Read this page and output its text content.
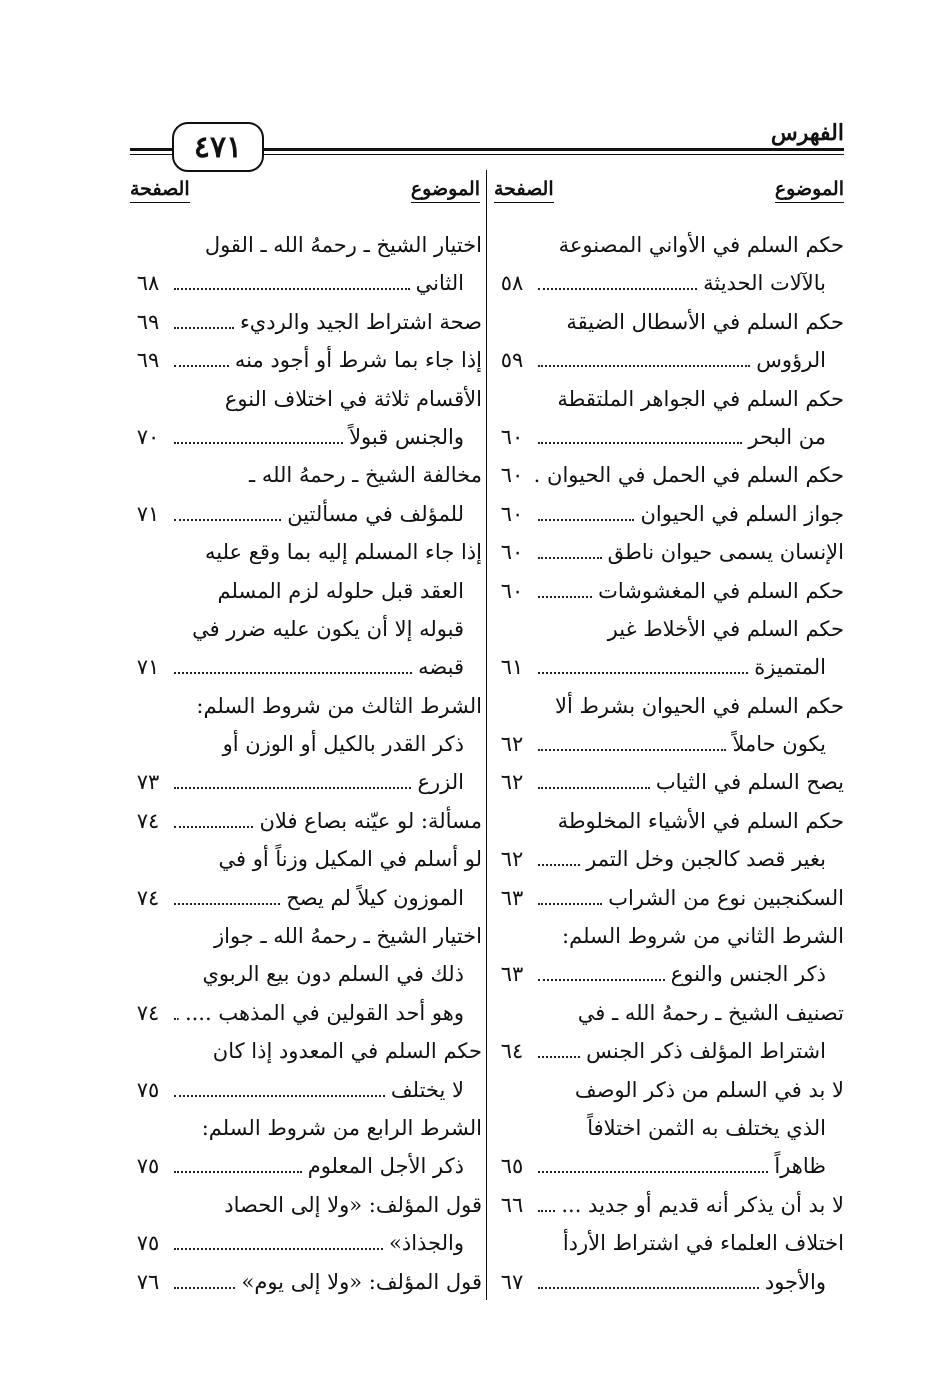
٤٧١	الفهرس
الموضوع
الصفحة
الموضوع
الصفحة
حكم السلم في الأواني المصنوعة
بالآلات الحديثة
٥٨
حكم السلم في الأسطال الضيقة
الرؤوس
٥٩
حكم السلم في الجواهر الملتقطة
من البحر
٦٠
حكم السلم في الحمل في الحيوان .
٦٠
جواز السلم في الحيوان
٦٠
الإنسان يسمى حيوان ناطق
٦٠
حكم السلم في المغشوشات
٦٠
حكم السلم في الأخلاط غير
المتميزة
٦١
حكم السلم في الحيوان بشرط ألا
يكون حاملاً
٦٢
يصح السلم في الثياب
٦٢
حكم السلم في الأشياء المخلوطة
بغير قصد كالجبن وخل التمر
٦٢
السكنجبين نوع من الشراب
٦٣
الشرط الثاني من شروط السلم:
ذكر الجنس والنوع
٦٣
تصنيف الشيخ ـ رحمهُ الله ـ في
اشتراط المؤلف ذكر الجنس
٦٤
لا بد في السلم من ذكر الوصف
الذي يختلف به الثمن اختلافاً
ظاهراً
٦٥
لا بد أن يذكر أنه قديم أو جديد ...
٦٦
اختلاف العلماء في اشتراط الأردأ
والأجود
٦٧
اختيار الشيخ ـ رحمهُ الله ـ القول
الثاني
٦٨
صحة اشتراط الجيد والرديء
٦٩
إذا جاء بما شرط أو أجود منه
٦٩
الأقسام ثلاثة في اختلاف النوع
والجنس قبولاً
٧٠
مخالفة الشيخ ـ رحمهُ الله ـ
للمؤلف في مسألتين
٧١
إذا جاء المسلم إليه بما وقع عليه
العقد قبل حلوله لزم المسلم
قبوله إلا أن يكون عليه ضرر في
قبضه
٧١
الشرط الثالث من شروط السلم:
ذكر القدر بالكيل أو الوزن أو
الزرع
٧٣
مسألة: لو عيّنه بصاع فلان
٧٤
لو أسلم في المكيل وزناً أو في
الموزون كيلاً لم يصح
٧٤
اختيار الشيخ ـ رحمهُ الله ـ جواز
ذلك في السلم دون بيع الربوي
وهو أحد القولين في المذهب ....
٧٤
حكم السلم في المعدود إذا كان
لا يختلف
٧٥
الشرط الرابع من شروط السلم:
ذكر الأجل المعلوم
٧٥
قول المؤلف: «ولا إلى الحصاد
والجذاذ»
٧٥
قول المؤلف: «ولا إلى يوم»
٧٦
